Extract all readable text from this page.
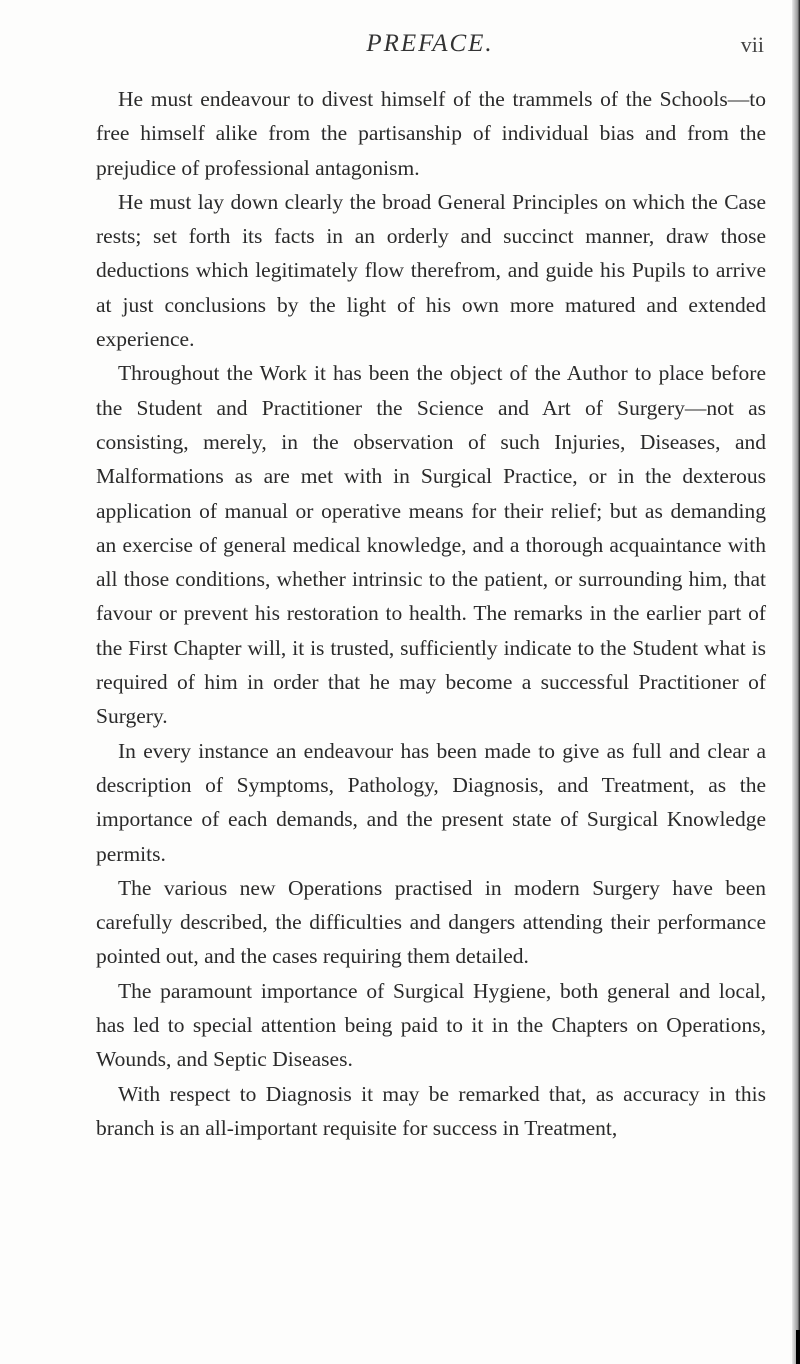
PREFACE.	vii

He must endeavour to divest himself of the trammels of the Schools—to free himself alike from the partisanship of individual bias and from the prejudice of professional antagonism.

He must lay down clearly the broad General Principles on which the Case rests; set forth its facts in an orderly and succinct manner, draw those deductions which legitimately flow therefrom, and guide his Pupils to arrive at just conclusions by the light of his own more matured and extended experience.

Throughout the Work it has been the object of the Author to place before the Student and Practitioner the Science and Art of Surgery—not as consisting, merely, in the observation of such Injuries, Diseases, and Malformations as are met with in Surgical Practice, or in the dexterous application of manual or operative means for their relief; but as demanding an exercise of general medical knowledge, and a thorough acquaintance with all those conditions, whether intrinsic to the patient, or surrounding him, that favour or prevent his restoration to health. The remarks in the earlier part of the First Chapter will, it is trusted, sufficiently indicate to the Student what is required of him in order that he may become a successful Practitioner of Surgery.

In every instance an endeavour has been made to give as full and clear a description of Symptoms, Pathology, Diagnosis, and Treatment, as the importance of each demands, and the present state of Surgical Knowledge permits.

The various new Operations practised in modern Surgery have been carefully described, the difficulties and dangers attending their performance pointed out, and the cases requiring them detailed.

The paramount importance of Surgical Hygiene, both general and local, has led to special attention being paid to it in the Chapters on Operations, Wounds, and Septic Diseases.

With respect to Diagnosis it may be remarked that, as accuracy in this branch is an all-important requisite for success in Treatment,
